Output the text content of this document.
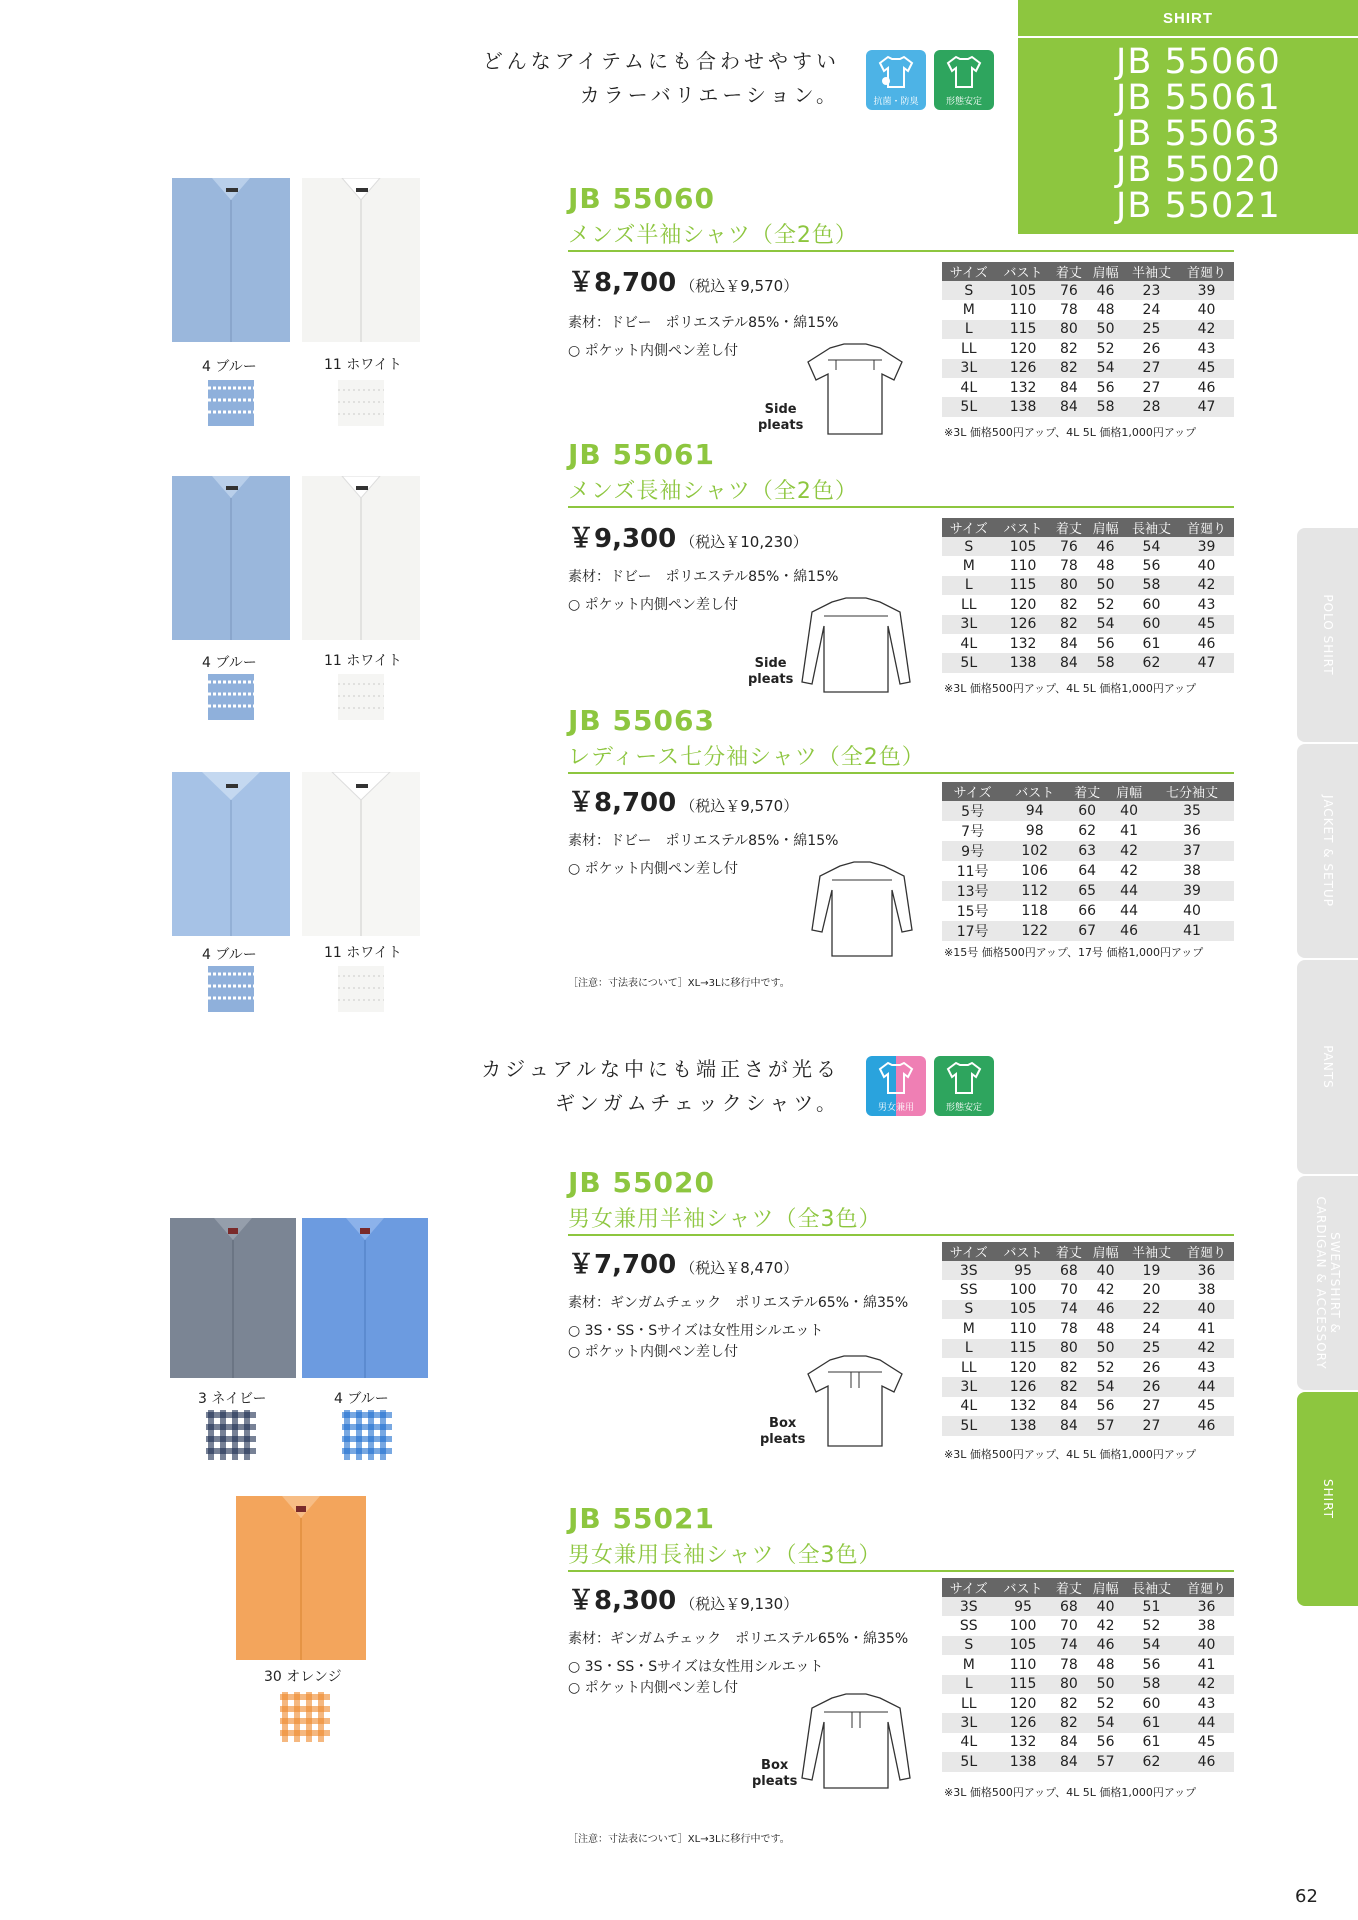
SHIRT
JB 55060
JB 55061
JB 55063
JB 55020
JB 55021
POLO SHIRT
JACKET & SETUP
PANTS
SWEATSHIRT &
CARDIGAN & ACCESSORY
SHIRT
どんなアイテムにも合わせやすい
カラーバリエーション。	抗菌・防臭	形態安定
カジュアルな中にも端正さが光る
ギンガムチェックシャツ。	男女兼用	形態安定
JB 55060
メンズ半袖シャツ（全2色）
￥8,700 （税込￥9,570）
素材：ドビー　ポリエステル85%・綿15%
○ ポケット内側ペン差し付
Side
pleats
サイズ	バスト	着丈	肩幅	半袖丈	首廻り
S	105	76	46	23	39
M	110	78	48	24	40
L	115	80	50	25	42
LL	120	82	52	26	43
3L	126	82	54	27	45
4L	132	84	56	27	46
5L	138	84	58	28	47
※3L 価格500円アップ、4L 5L 価格1,000円アップ
4 ブルー	11 ホワイト
JB 55061
メンズ長袖シャツ（全2色）
￥9,300 （税込￥10,230）
素材：ドビー　ポリエステル85%・綿15%
○ ポケット内側ペン差し付
Side
pleats
サイズ	バスト	着丈	肩幅	長袖丈	首廻り
S	105	76	46	54	39
M	110	78	48	56	40
L	115	80	50	58	42
LL	120	82	52	60	43
3L	126	82	54	60	45
4L	132	84	56	61	46
5L	138	84	58	62	47
※3L 価格500円アップ、4L 5L 価格1,000円アップ
4 ブルー	11 ホワイト
JB 55063
レディース七分袖シャツ（全2色）
￥8,700 （税込￥9,570）
素材：ドビー　ポリエステル85%・綿15%
○ ポケット内側ペン差し付
サイズ	バスト	着丈	肩幅	七分袖丈
5号	94	60	40	35
7号	98	62	41	36
9号	102	63	42	37
11号	106	64	42	38
13号	112	65	44	39
15号	118	66	44	40
17号	122	67	46	41
※15号 価格500円アップ、17号 価格1,000円アップ
［注意：寸法表について］XL→3Lに移行中です。
4 ブルー	11 ホワイト
JB 55020
男女兼用半袖シャツ（全3色）
￥7,700 （税込￥8,470）
素材：ギンガムチェック　ポリエステル65%・綿35%
○ 3S・SS・Sサイズは女性用シルエット
○ ポケット内側ペン差し付
Box
pleats
サイズ	バスト	着丈	肩幅	半袖丈	首廻り
3S	95	68	40	19	36
SS	100	70	42	20	38
S	105	74	46	22	40
M	110	78	48	24	41
L	115	80	50	25	42
LL	120	82	52	26	43
3L	126	82	54	26	44
4L	132	84	56	27	45
5L	138	84	57	27	46
※3L 価格500円アップ、4L 5L 価格1,000円アップ
3 ネイビー	4 ブルー
JB 55021
男女兼用長袖シャツ（全3色）
￥8,300 （税込￥9,130）
素材：ギンガムチェック　ポリエステル65%・綿35%
○ 3S・SS・Sサイズは女性用シルエット
○ ポケット内側ペン差し付
Box
pleats
サイズ	バスト	着丈	肩幅	長袖丈	首廻り
3S	95	68	40	51	36
SS	100	70	42	52	38
S	105	74	46	54	40
M	110	78	48	56	41
L	115	80	50	58	42
LL	120	82	52	60	43
3L	126	82	54	61	44
4L	132	84	56	61	45
5L	138	84	57	62	46
※3L 価格500円アップ、4L 5L 価格1,000円アップ
［注意：寸法表について］XL→3Lに移行中です。
30 オレンジ
62
